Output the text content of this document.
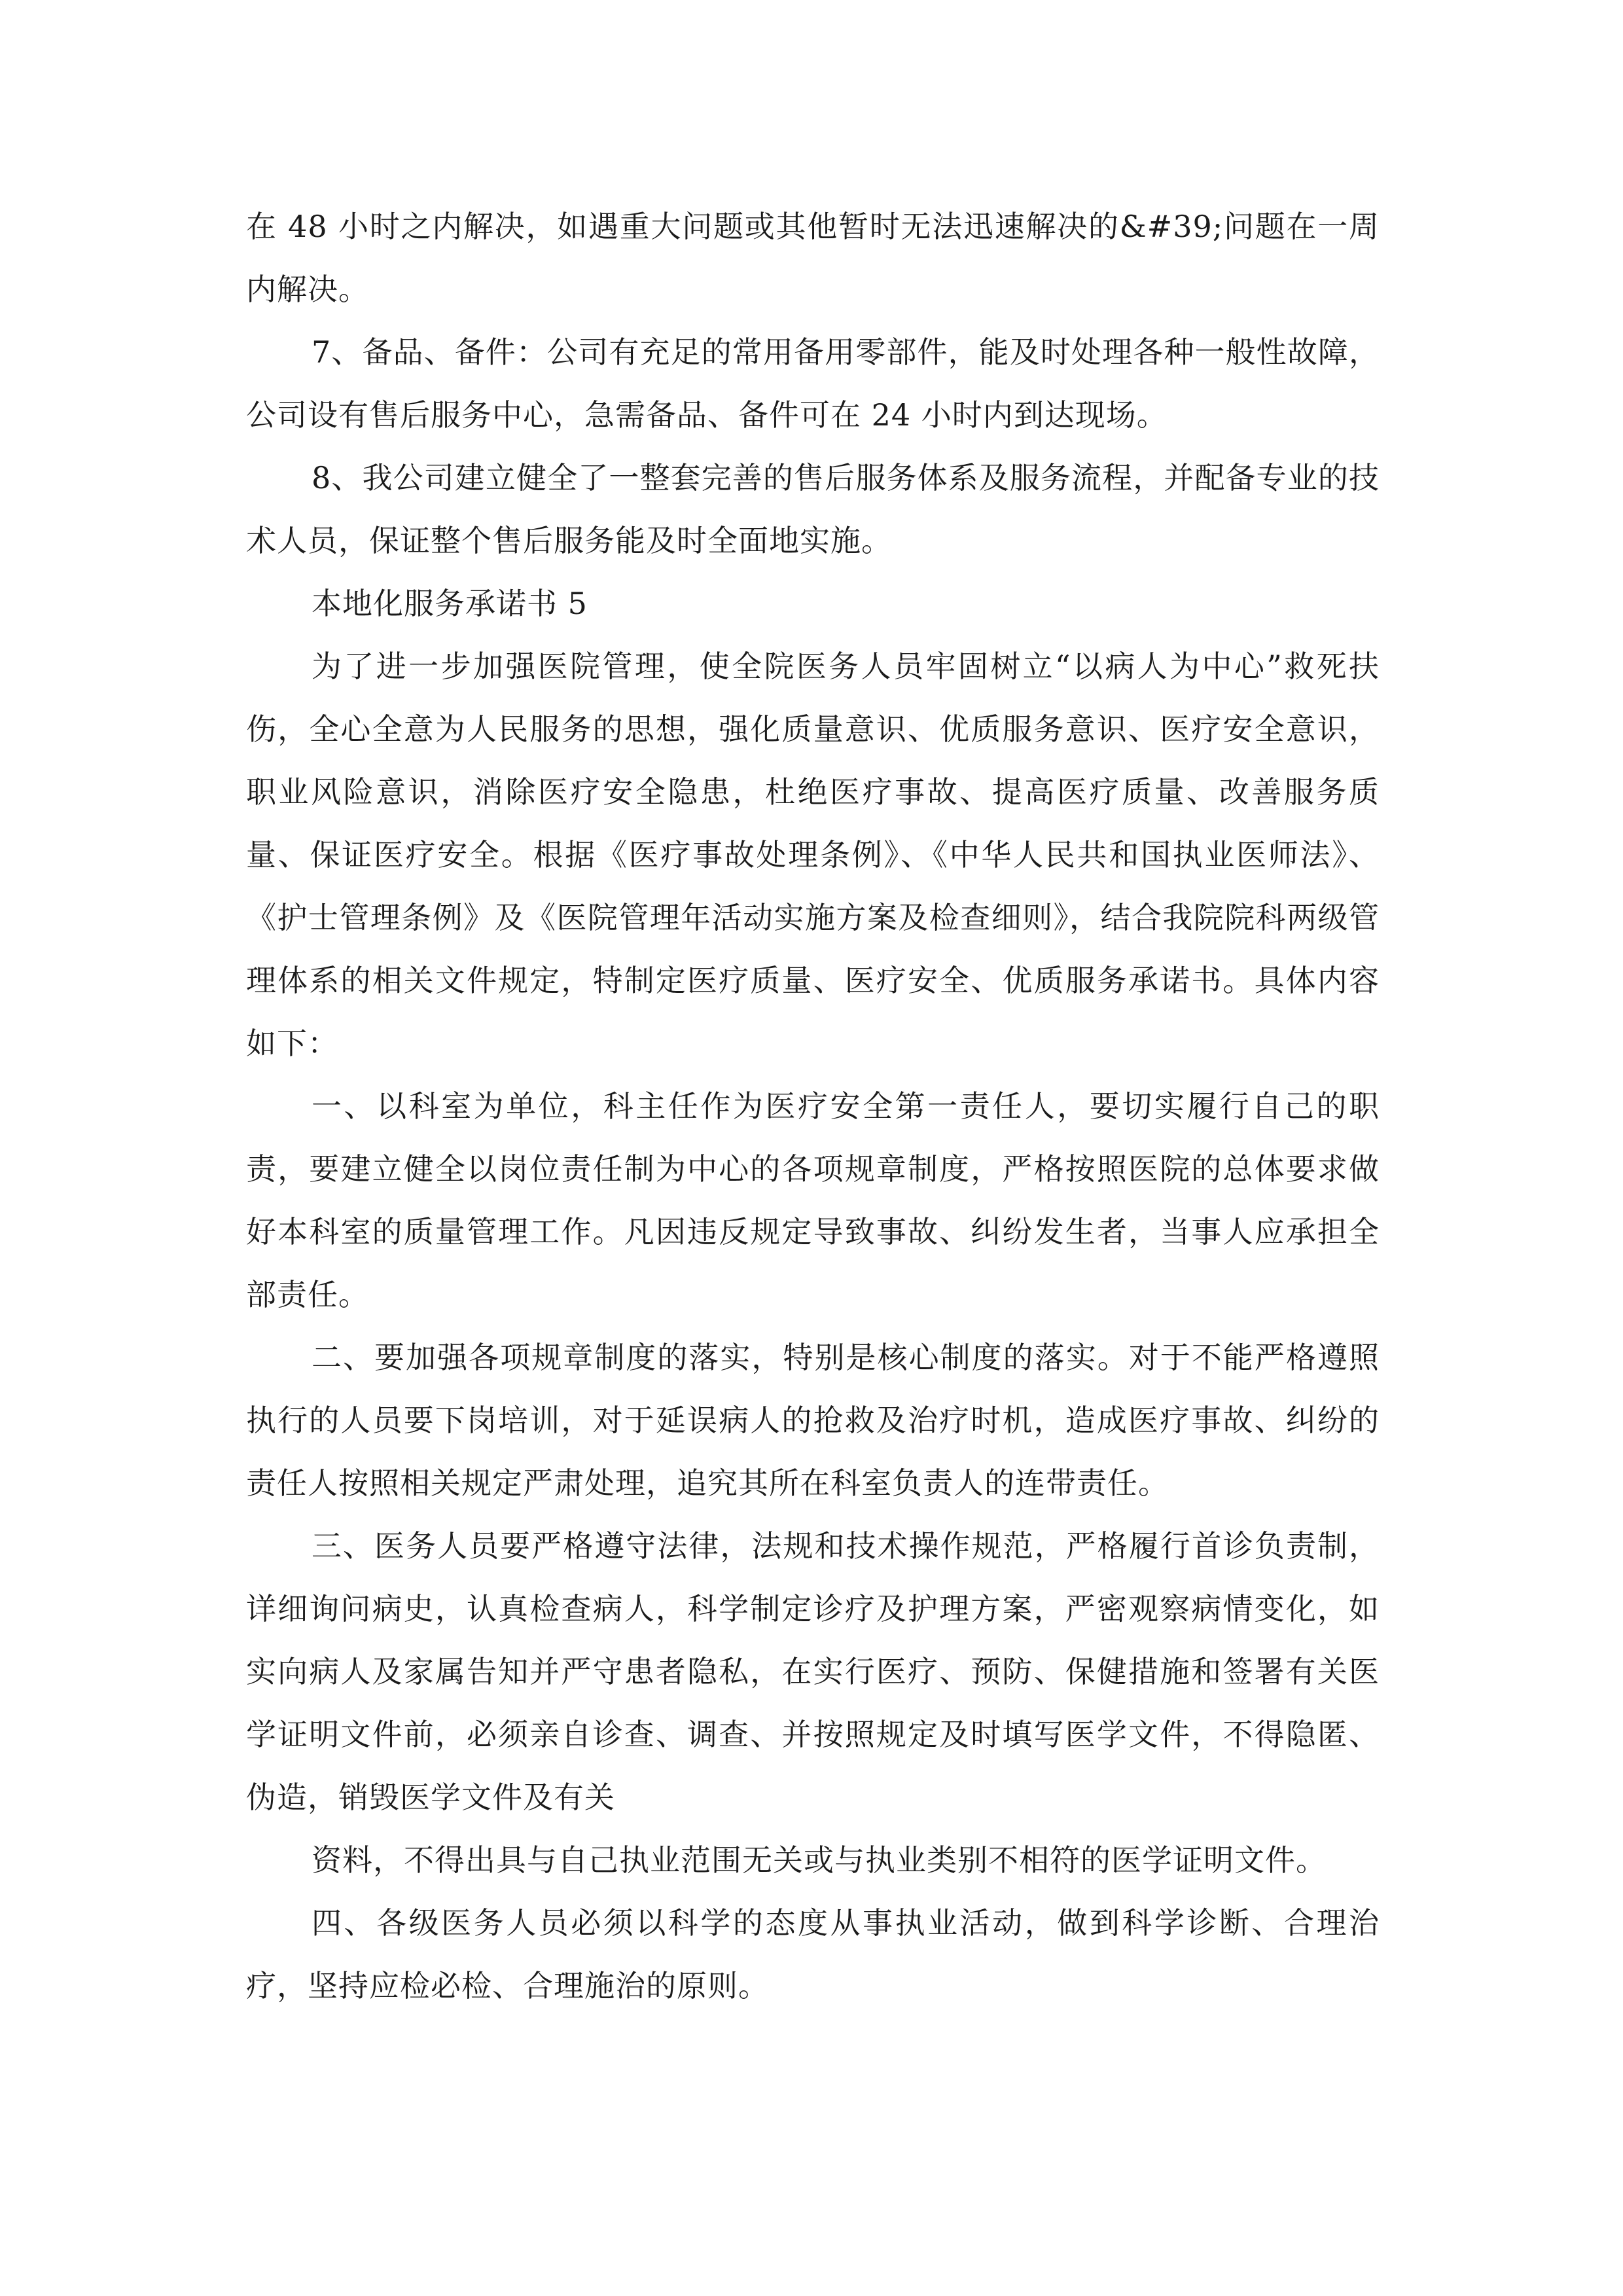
在 48 小时之内解决，如遇重大问题或其他暂时无法迅速解决的&#39;问题在一周内解决。

7、备品、备件：公司有充足的常用备用零部件，能及时处理各种一般性故障，公司设有售后服务中心，急需备品、备件可在 24 小时内到达现场。

8、我公司建立健全了一整套完善的售后服务体系及服务流程，并配备专业的技术人员，保证整个售后服务能及时全面地实施。

本地化服务承诺书 5

为了进一步加强医院管理，使全院医务人员牢固树立“以病人为中心”救死扶伤，全心全意为人民服务的思想，强化质量意识、优质服务意识、医疗安全意识，职业风险意识，消除医疗安全隐患，杜绝医疗事故、提高医疗质量、改善服务质量、保证医疗安全。根据《医疗事故处理条例》、《中华人民共和国执业医师法》、《护士管理条例》及《医院管理年活动实施方案及检查细则》，结合我院院科两级管理体系的相关文件规定，特制定医疗质量、医疗安全、优质服务承诺书。具体内容如下：

一、以科室为单位，科主任作为医疗安全第一责任人，要切实履行自己的职责，要建立健全以岗位责任制为中心的各项规章制度，严格按照医院的总体要求做好本科室的质量管理工作。凡因违反规定导致事故、纠纷发生者，当事人应承担全部责任。

二、要加强各项规章制度的落实，特别是核心制度的落实。对于不能严格遵照执行的人员要下岗培训，对于延误病人的抢救及治疗时机，造成医疗事故、纠纷的责任人按照相关规定严肃处理，追究其所在科室负责人的连带责任。

三、医务人员要严格遵守法律，法规和技术操作规范，严格履行首诊负责制，详细询问病史，认真检查病人，科学制定诊疗及护理方案，严密观察病情变化，如实向病人及家属告知并严守患者隐私，在实行医疗、预防、保健措施和签署有关医学证明文件前，必须亲自诊查、调查、并按照规定及时填写医学文件，不得隐匿、伪造，销毁医学文件及有关

资料，不得出具与自己执业范围无关或与执业类别不相符的医学证明文件。

四、各级医务人员必须以科学的态度从事执业活动，做到科学诊断、合理治疗，坚持应检必检、合理施治的原则。
